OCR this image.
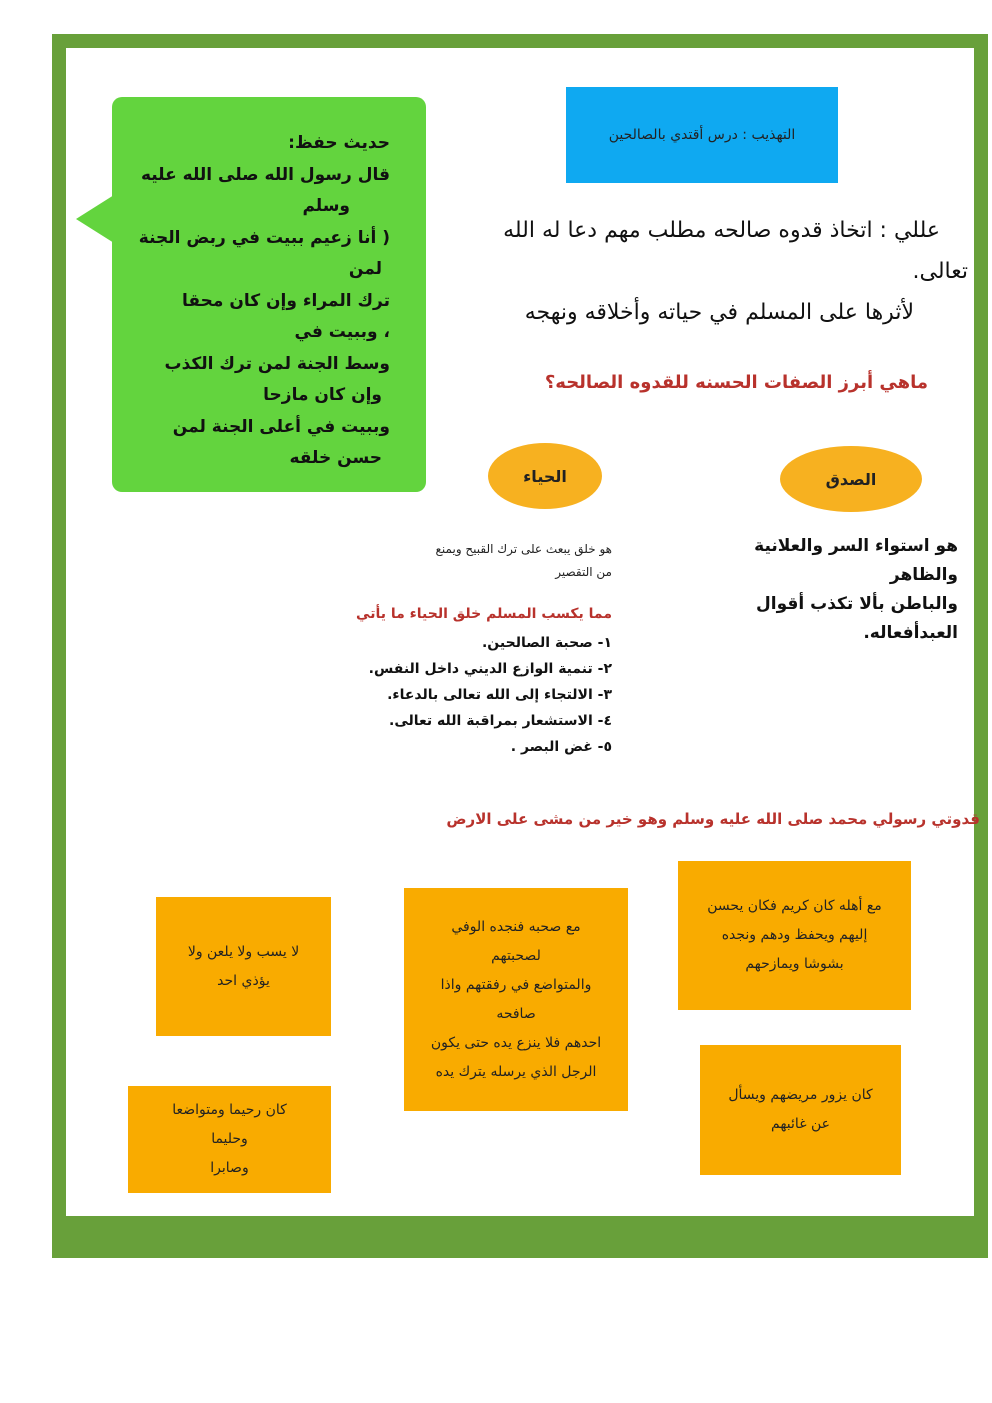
التهذيب : درس أقتدي بالصالحين
حديث حفظ:
قال رسول الله صلى الله عليه
وسلم
( أنا زعيم ببيت في ربض الجنة
لمن
ترك المراء وإن كان محقا
، وببيت في
وسط الجنة لمن ترك الكذب
وإن كان مازحا
وببيت في أعلى الجنة لمن
حسن خلقه
عللي : اتخاذ قدوه صالحه مطلب مهم دعا له الله
تعالى.
لأثرها على المسلم في حياته وأخلاقه ونهجه
ماهي أبرز الصفات الحسنه للقدوه الصالحه؟
الصدق
الحياء
هو استواء السر والعلانية
والظاهر
والباطن بألا تكذب أقوال
العبدأفعاله.
هو خلق يبعث على ترك القبيح ويمنع
من التقصير
مما يكسب المسلم خلق الحياء ما يأتي
١- صحبة الصالحين.
٢- تنمية الوازع الديني داخل النفس.
٣- الالتجاء إلى الله تعالى بالدعاء.
٤- الاستشعار بمراقبة الله تعالى.
٥- غض البصر .
قدوتي رسولي محمد صلى الله عليه وسلم وهو خير من مشى على الارض
مع أهله كان كريم فكان يحسن
إليهم ويحفظ ودهم ونجده
بشوشا ويمازحهم
مع صحبه فنجده الوفي
لصحبتهم
والمتواضع في رفقتهم واذا
صافحه
احدهم فلا ينزع يده حتى يكون
الرجل الذي يرسله يترك يده
لا يسب ولا يلعن ولا
يؤذي احد
كان يزور مريضهم ويسأل
عن غائبهم
كان رحيما ومتواضعا
وحليما
وصابرا
